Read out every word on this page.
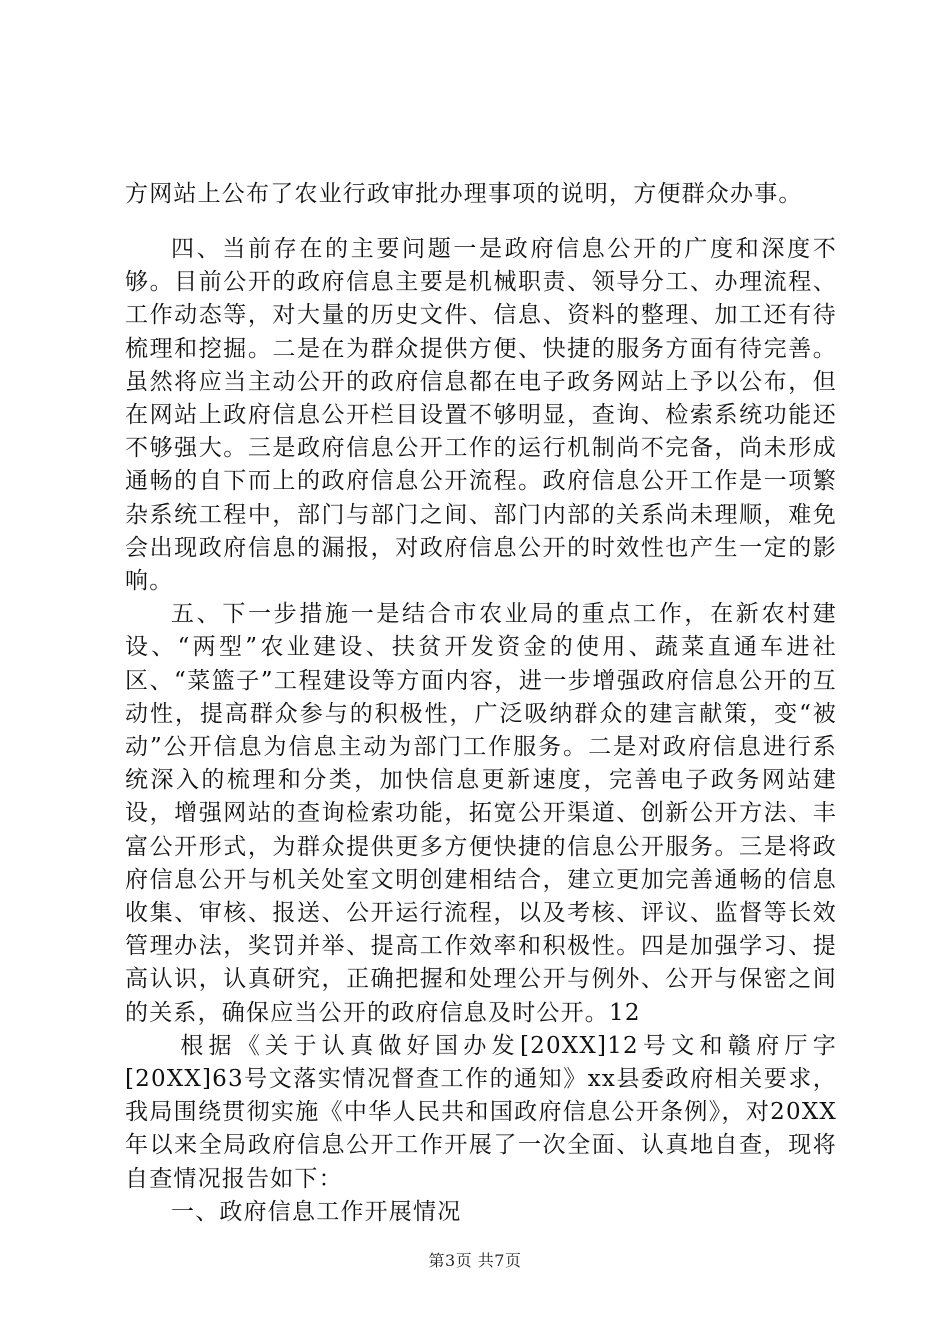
方网站上公布了农业行政审批办理事项的说明，方便群众办事。

四、当前存在的主要问题一是政府信息公开的广度和深度不够。目前公开的政府信息主要是机械职责、领导分工、办理流程、工作动态等，对大量的历史文件、信息、资料的整理、加工还有待梳理和挖掘。二是在为群众提供方便、快捷的服务方面有待完善。虽然将应当主动公开的政府信息都在电子政务网站上予以公布，但在网站上政府信息公开栏目设置不够明显，查询、检索系统功能还不够强大。三是政府信息公开工作的运行机制尚不完备，尚未形成通畅的自下而上的政府信息公开流程。政府信息公开工作是一项繁杂系统工程中，部门与部门之间、部门内部的关系尚未理顺，难免会出现政府信息的漏报，对政府信息公开的时效性也产生一定的影响。

五、下一步措施一是结合市农业局的重点工作，在新农村建设、“两型”农业建设、扶贫开发资金的使用、蔬菜直通车进社区、“菜篮子”工程建设等方面内容，进一步增强政府信息公开的互动性，提高群众参与的积极性，广泛吸纳群众的建言献策，变“被动”公开信息为信息主动为部门工作服务。二是对政府信息进行系统深入的梳理和分类，加快信息更新速度，完善电子政务网站建设，增强网站的查询检索功能，拓宽公开渠道、创新公开方法、丰富公开形式，为群众提供更多方便快捷的信息公开服务。三是将政府信息公开与机关处室文明创建相结合，建立更加完善通畅的信息收集、审核、报送、公开运行流程，以及考核、评议、监督等长效管理办法，奖罚并举、提高工作效率和积极性。四是加强学习、提高认识，认真研究，正确把握和处理公开与例外、公开与保密之间的关系，确保应当公开的政府信息及时公开。12

根据《关于认真做好国办发[20XX]12号文和赣府厅字[20XX]63号文落实情况督查工作的通知》xx县委政府相关要求，我局围绕贯彻实施《中华人民共和国政府信息公开条例》，对20XX年以来全局政府信息公开工作开展了一次全面、认真地自查，现将自查情况报告如下：

一、政府信息工作开展情况

第3页 共7页
